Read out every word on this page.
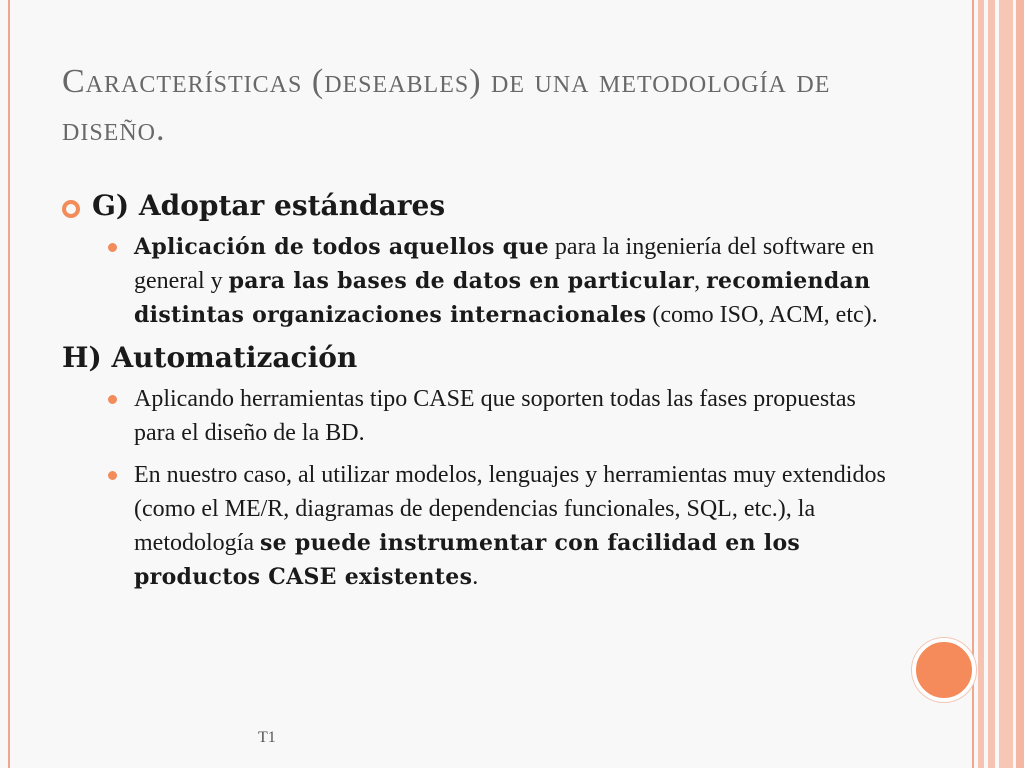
Características (deseables) de una metodología de diseño.
G) Adoptar estándares
Aplicación de todos aquellos que para la ingeniería del software en general y para las bases de datos en particular, recomiendan distintas organizaciones internacionales (como ISO, ACM, etc).
H) Automatización
Aplicando herramientas tipo CASE que soporten todas las fases propuestas para el diseño de la BD.
En nuestro caso, al utilizar modelos, lenguajes y herramientas muy extendidos (como el ME/R, diagramas de dependencias funcionales, SQL, etc.), la metodología se puede instrumentar con facilidad en los productos CASE existentes.
T1
